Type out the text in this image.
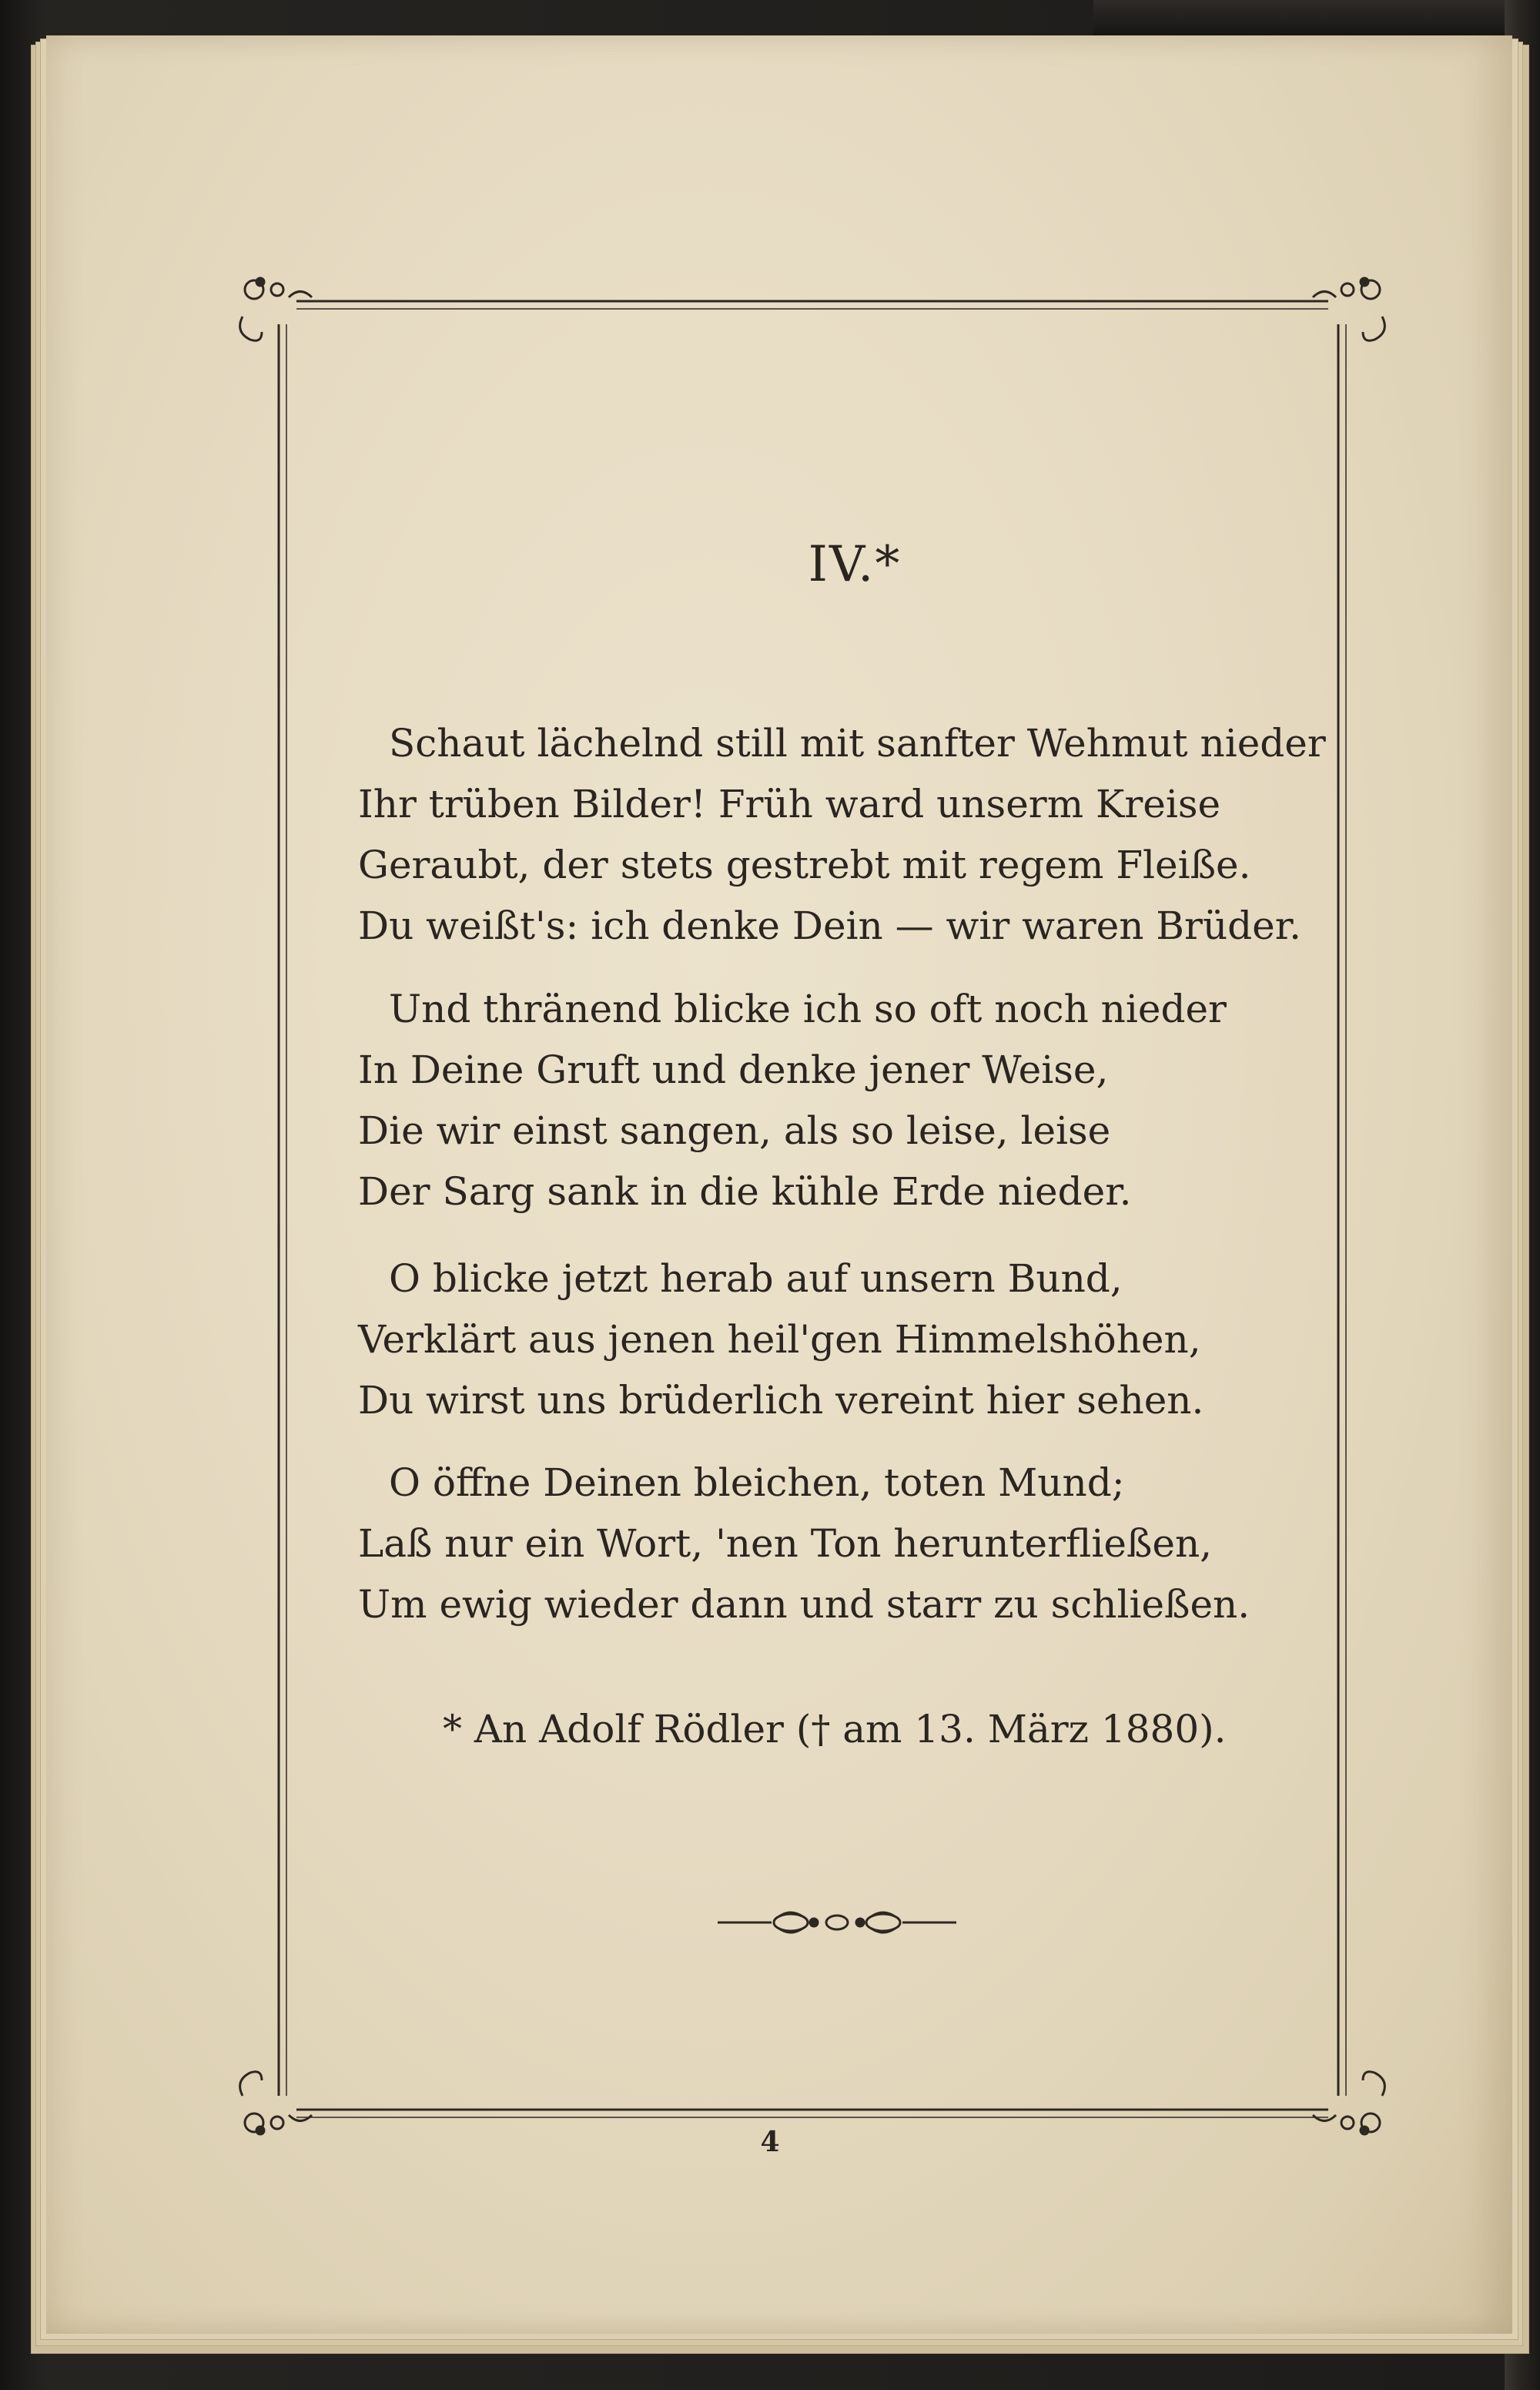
IV.*
Schaut lächelnd still mit sanfter Wehmut nieder
Ihr trüben Bilder! Früh ward unserm Kreise
Geraubt, der stets gestrebt mit regem Fleiße.
Du weißt's: ich denke Dein — wir waren Brüder.
Und thränend blicke ich so oft noch nieder
In Deine Gruft und denke jener Weise,
Die wir einst sangen, als so leise, leise
Der Sarg sank in die kühle Erde nieder.
O blicke jetzt herab auf unsern Bund,
Verklärt aus jenen heil'gen Himmelshöhen,
Du wirst uns brüderlich vereint hier sehen.
O öffne Deinen bleichen, toten Mund;
Laß nur ein Wort, 'nen Ton herunterfließen,
Um ewig wieder dann und starr zu schließen.
* An Adolf Rödler († am 13. März 1880).
4
